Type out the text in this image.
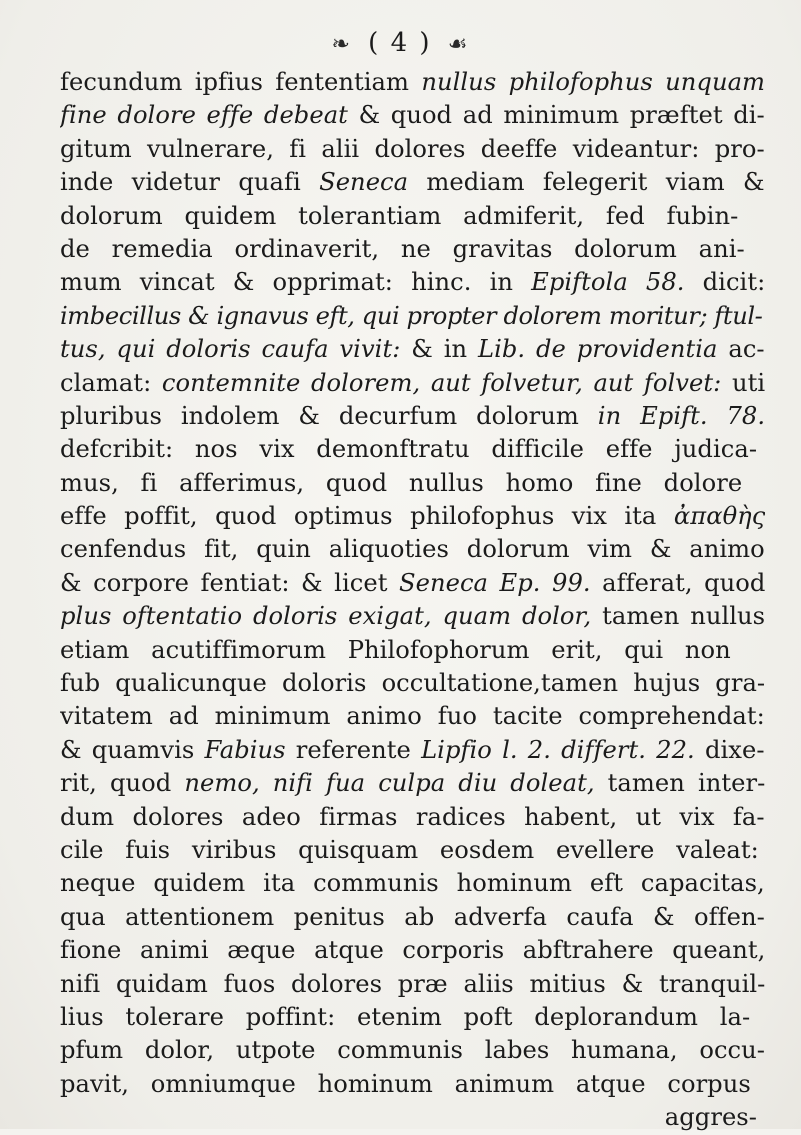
❧ ( 4 ) ☙
fecundum ipfius fententiam nullus philofophus unquam
fine dolore effe debeat & quod ad minimum præftet di-
gitum vulnerare, fi alii dolores deeffe videantur: pro-
inde videtur quafi Seneca mediam felegerit viam &
dolorum quidem tolerantiam admiferit, fed fubin-
de remedia ordinaverit, ne gravitas dolorum ani-
mum vincat & opprimat: hinc. in Epiftola 58. dicit:
imbecillus & ignavus eft, qui propter dolorem moritur; ftul-
tus, qui doloris caufa vivit: & in Lib. de providentia ac-
clamat: contemnite dolorem, aut folvetur, aut folvet: uti
pluribus indolem & decurfum dolorum in Epift. 78.
defcribit: nos vix demonftratu difficile effe judica-
mus, fi afferimus, quod nullus homo fine dolore
effe poffit, quod optimus philofophus vix ita ἀπαθὴς
cenfendus fit, quin aliquoties dolorum vim & animo
& corpore fentiat: & licet Seneca Ep. 99. afferat, quod
plus oftentatio doloris exigat, quam dolor, tamen nullus
etiam acutiffimorum Philofophorum erit, qui non
fub qualicunque doloris occultatione,tamen hujus gra-
vitatem ad minimum animo fuo tacite comprehendat:
& quamvis Fabius referente Lipfio l. 2. differt. 22. dixe-
rit, quod nemo, nifi fua culpa diu doleat, tamen inter-
dum dolores adeo firmas radices habent, ut vix fa-
cile fuis viribus quisquam eosdem evellere valeat:
neque quidem ita communis hominum eft capacitas,
qua attentionem penitus ab adverfa caufa & offen-
fione animi æque atque corporis abftrahere queant,
nifi quidam fuos dolores præ aliis mitius & tranquil-
lius tolerare poffint: etenim poft deplorandum la-
pfum dolor, utpote communis labes humana, occu-
pavit, omniumque hominum animum atque corpus
aggres-
